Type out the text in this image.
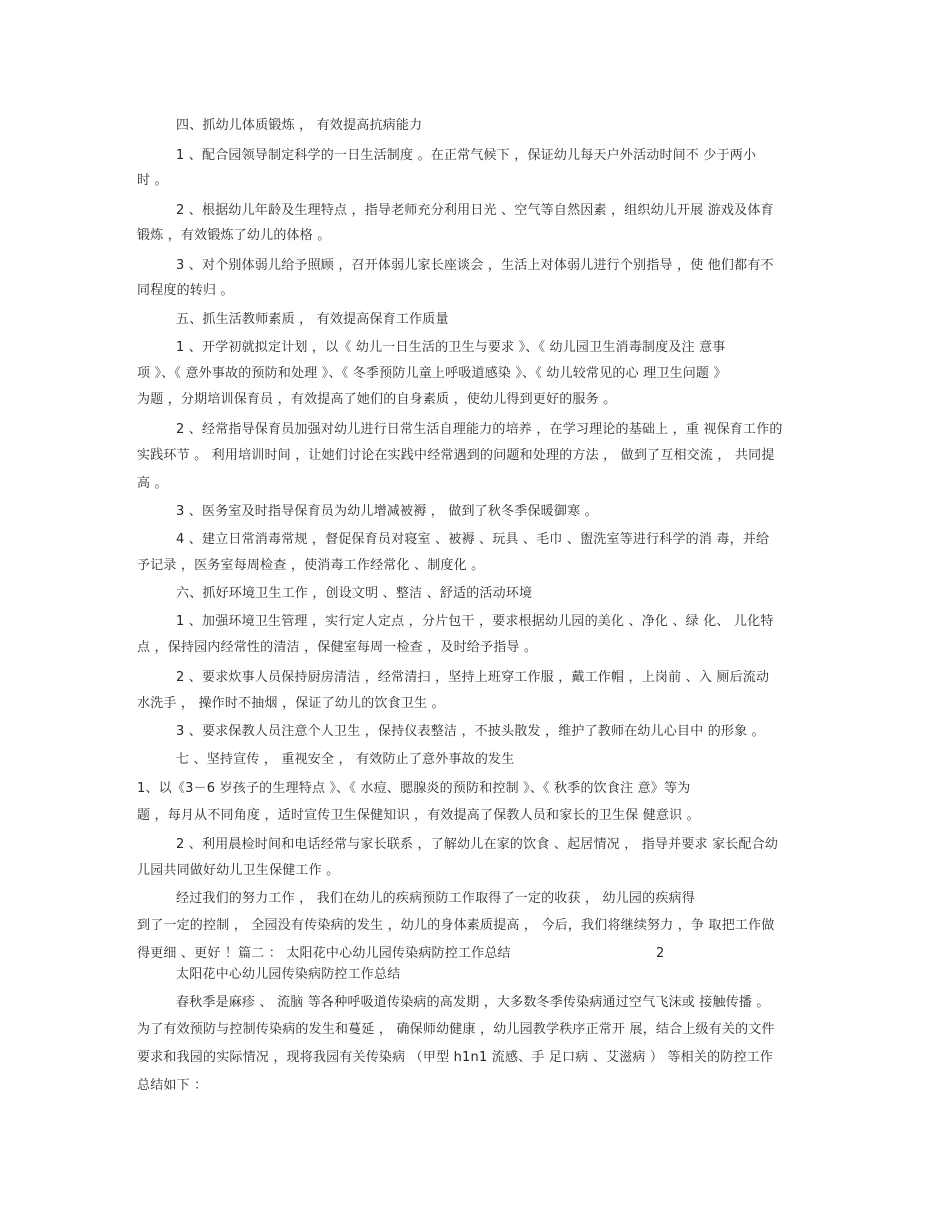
四、抓幼儿体质锻炼 ， 有效提高抗病能力
1 、配合园领导制定科学的一日生活制度 。在正常气候下 ，保证幼儿每天户外活动时间不 少于两小
时 。
2 、根据幼儿年龄及生理特点 ，指导老师充分利用日光 、空气等自然因素 ，组织幼儿开展 游戏及体育
锻炼 ，有效锻炼了幼儿的体格 。
3 、对个别体弱儿给予照顾 ，召开体弱儿家长座谈会 ，生活上对体弱儿进行个别指导 ，使 他们都有不
同程度的转归 。
五、抓生活教师素质 ， 有效提高保育工作质量
1 、开学初就拟定计划 ，以《 幼儿一日生活的卫生与要求 》、《 幼儿园卫生消毒制度及注 意事
项 》、《 意外事故的预防和处理 》、《 冬季预防儿童上呼吸道感染 》、《 幼儿较常见的心 理卫生问题 》
为题 ，分期培训保育员 ，有效提高了她们的自身素质 ，使幼儿得到更好的服务 。
2 、经常指导保育员加强对幼儿进行日常生活自理能力的培养 ，在学习理论的基础上 ，重 视保育工作的
实践环节 。 利用培训时间 ，让她们讨论在实践中经常遇到的问题和处理的方法 ， 做到了互相交流 ， 共同提
高 。
3 、医务室及时指导保育员为幼儿增减被褥 ， 做到了秋冬季保暖御寒 。
4 、建立日常消毒常规 ，督促保育员对寝室 、被褥 、玩具 、毛巾 、盥洗室等进行科学的消 毒，并给
予记录 ，医务室每周检查 ，使消毒工作经常化 、制度化 。
六、抓好环境卫生工作 ，创设文明 、整洁 、舒适的活动环境
1 、加强环境卫生管理 ，实行定人定点 ，分片包干 ，要求根据幼儿园的美化 、净化 、绿 化、 儿化特
点 ，保持园内经常性的清洁 ，保健室每周一检查 ，及时给予指导 。
2 、要求炊事人员保持厨房清洁 ，经常清扫 ，坚持上班穿工作服 ，戴工作帽 ，上岗前 、入 厕后流动
水洗手 ， 操作时不抽烟 ，保证了幼儿的饮食卫生 。
3 、要求保教人员注意个人卫生 ，保持仪表整洁 ，不披头散发 ，维护了教师在幼儿心目中 的形象 。
七 、坚持宣传 ， 重视安全 ， 有效防止了意外事故的发生
1、以《3－6 岁孩子的生理特点 》、《 水痘、腮腺炎的预防和控制 》、《 秋季的饮食注 意》等为
题 ，每月从不同角度 ，适时宣传卫生保健知识 ，有效提高了保教人员和家长的卫生保 健意识 。
2 、利用晨检时间和电话经常与家长联系 ，了解幼儿在家的饮食 、起居情况 ， 指导并要求 家长配合幼
儿园共同做好幼儿卫生保健工作 。
经过我们的努力工作 ， 我们在幼儿的疾病预防工作取得了一定的收获 ， 幼儿园的疾病得
到了一定的控制 ， 全园没有传染病的发生 ，幼儿的身体素质提高 ， 今后，我们将继续努力 ，争 取把工作做
得更细 、更好 ！篇二 ： 太阳花中心幼儿园传染病防控工作总结	2
太阳花中心幼儿园传染病防控工作总结
春秋季是麻疹 、 流脑 等各种呼吸道传染病的高发期 ，大多数冬季传染病通过空气飞沫或 接触传播 。
为了有效预防与控制传染病的发生和蔓延 ， 确保师幼健康 ，幼儿园教学秩序正常开 展，结合上级有关的文件
要求和我园的实际情况 ，现将我园有关传染病 （甲型 h1n1 流感、手 足口病 、艾滋病 ） 等相关的防控工作
总结如下 ：
